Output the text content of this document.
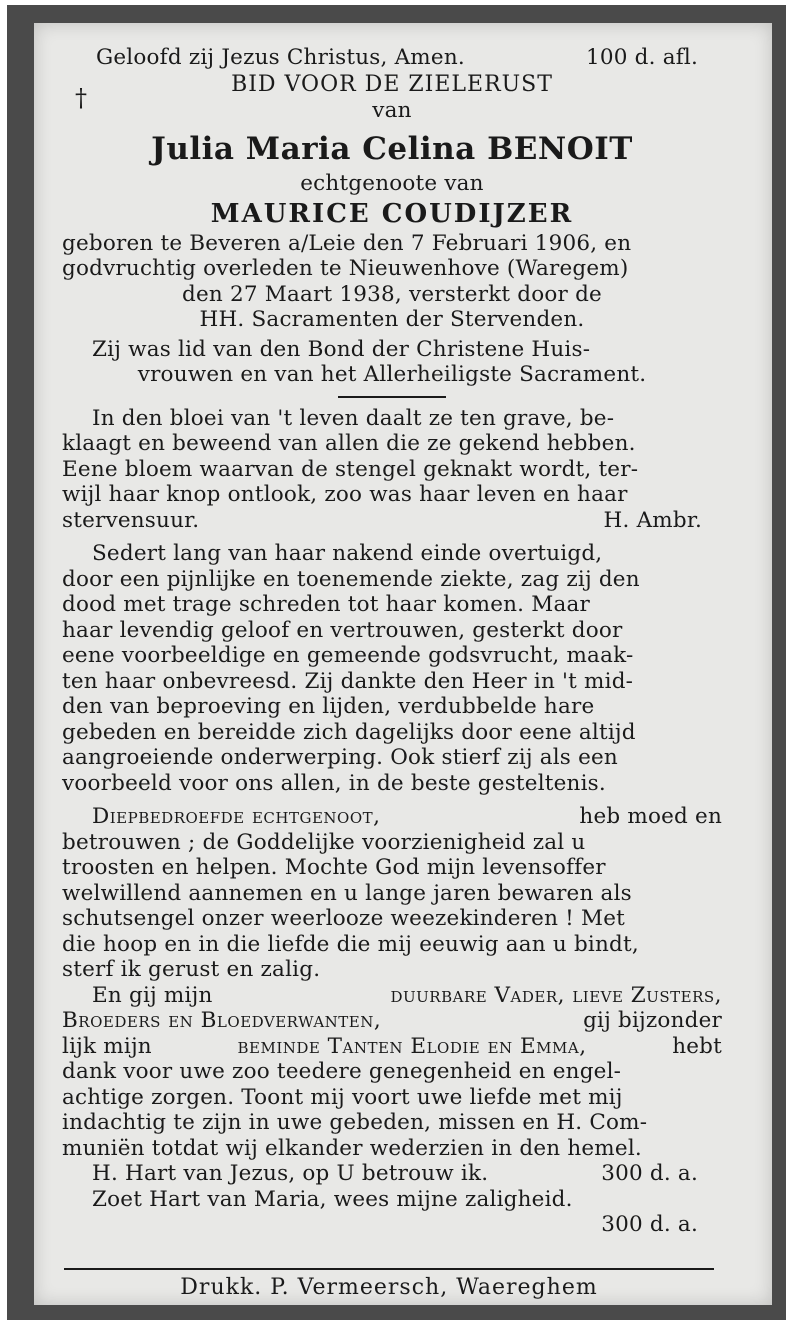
†
Geloofd zij Jezus Christus, Amen.	100 d. afl.
BID VOOR DE ZIELERUST
van
Julia Maria Celina BENOIT
echtgenoote van
MAURICE COUDIJZER
geboren te Beveren a/Leie den 7 Februari 1906, en
godvruchtig overleden te Nieuwenhove (Waregem)
den 27 Maart 1938, versterkt door de
HH. Sacramenten der Stervenden.
Zij was lid van den Bond der Christene Huis-
vrouwen en van het Allerheiligste Sacrament.
In den bloei van 't leven daalt ze ten grave, be-
klaagt en beweend van allen die ze gekend hebben.
Eene bloem waarvan de stengel geknakt wordt, ter-
wijl haar knop ontlook, zoo was haar leven en haar
stervensuur.	H. Ambr.
Sedert lang van haar nakend einde overtuigd,
door een pijnlijke en toenemende ziekte, zag zij den
dood met trage schreden tot haar komen. Maar
haar levendig geloof en vertrouwen, gesterkt door
eene voorbeeldige en gemeende godsvrucht, maak-
ten haar onbevreesd. Zij dankte den Heer in 't mid-
den van beproeving en lijden, verdubbelde hare
gebeden en bereidde zich dagelijks door eene altijd
aangroeiende onderwerping. Ook stierf zij als een
voorbeeld voor ons allen, in de beste gesteltenis.
Diepbedroefde echtgenoot,	heb moed en
betrouwen ; de Goddelijke voorzienigheid zal u
troosten en helpen. Mochte God mijn levensoffer
welwillend aannemen en u lange jaren bewaren als
schutsengel onzer weerlooze weezekinderen ! Met
die hoop en in die liefde die mij eeuwig aan u bindt,
sterf ik gerust en zalig.
En gij mijn	duurbare Vader, lieve Zusters,
Broeders en Bloedverwanten,	gij bijzonder
lijk mijn	beminde Tanten Elodie en Emma,	hebt
dank voor uwe zoo teedere genegenheid en engel-
achtige zorgen. Toont mij voort uwe liefde met mij
indachtig te zijn in uwe gebeden, missen en H. Com-
muniën totdat wij elkander wederzien in den hemel.
H. Hart van Jezus, op U betrouw ik.	300 d. a.
Zoet Hart van Maria, wees mijne zaligheid.
300 d. a.
Drukk. P. Vermeersch, Waereghem
